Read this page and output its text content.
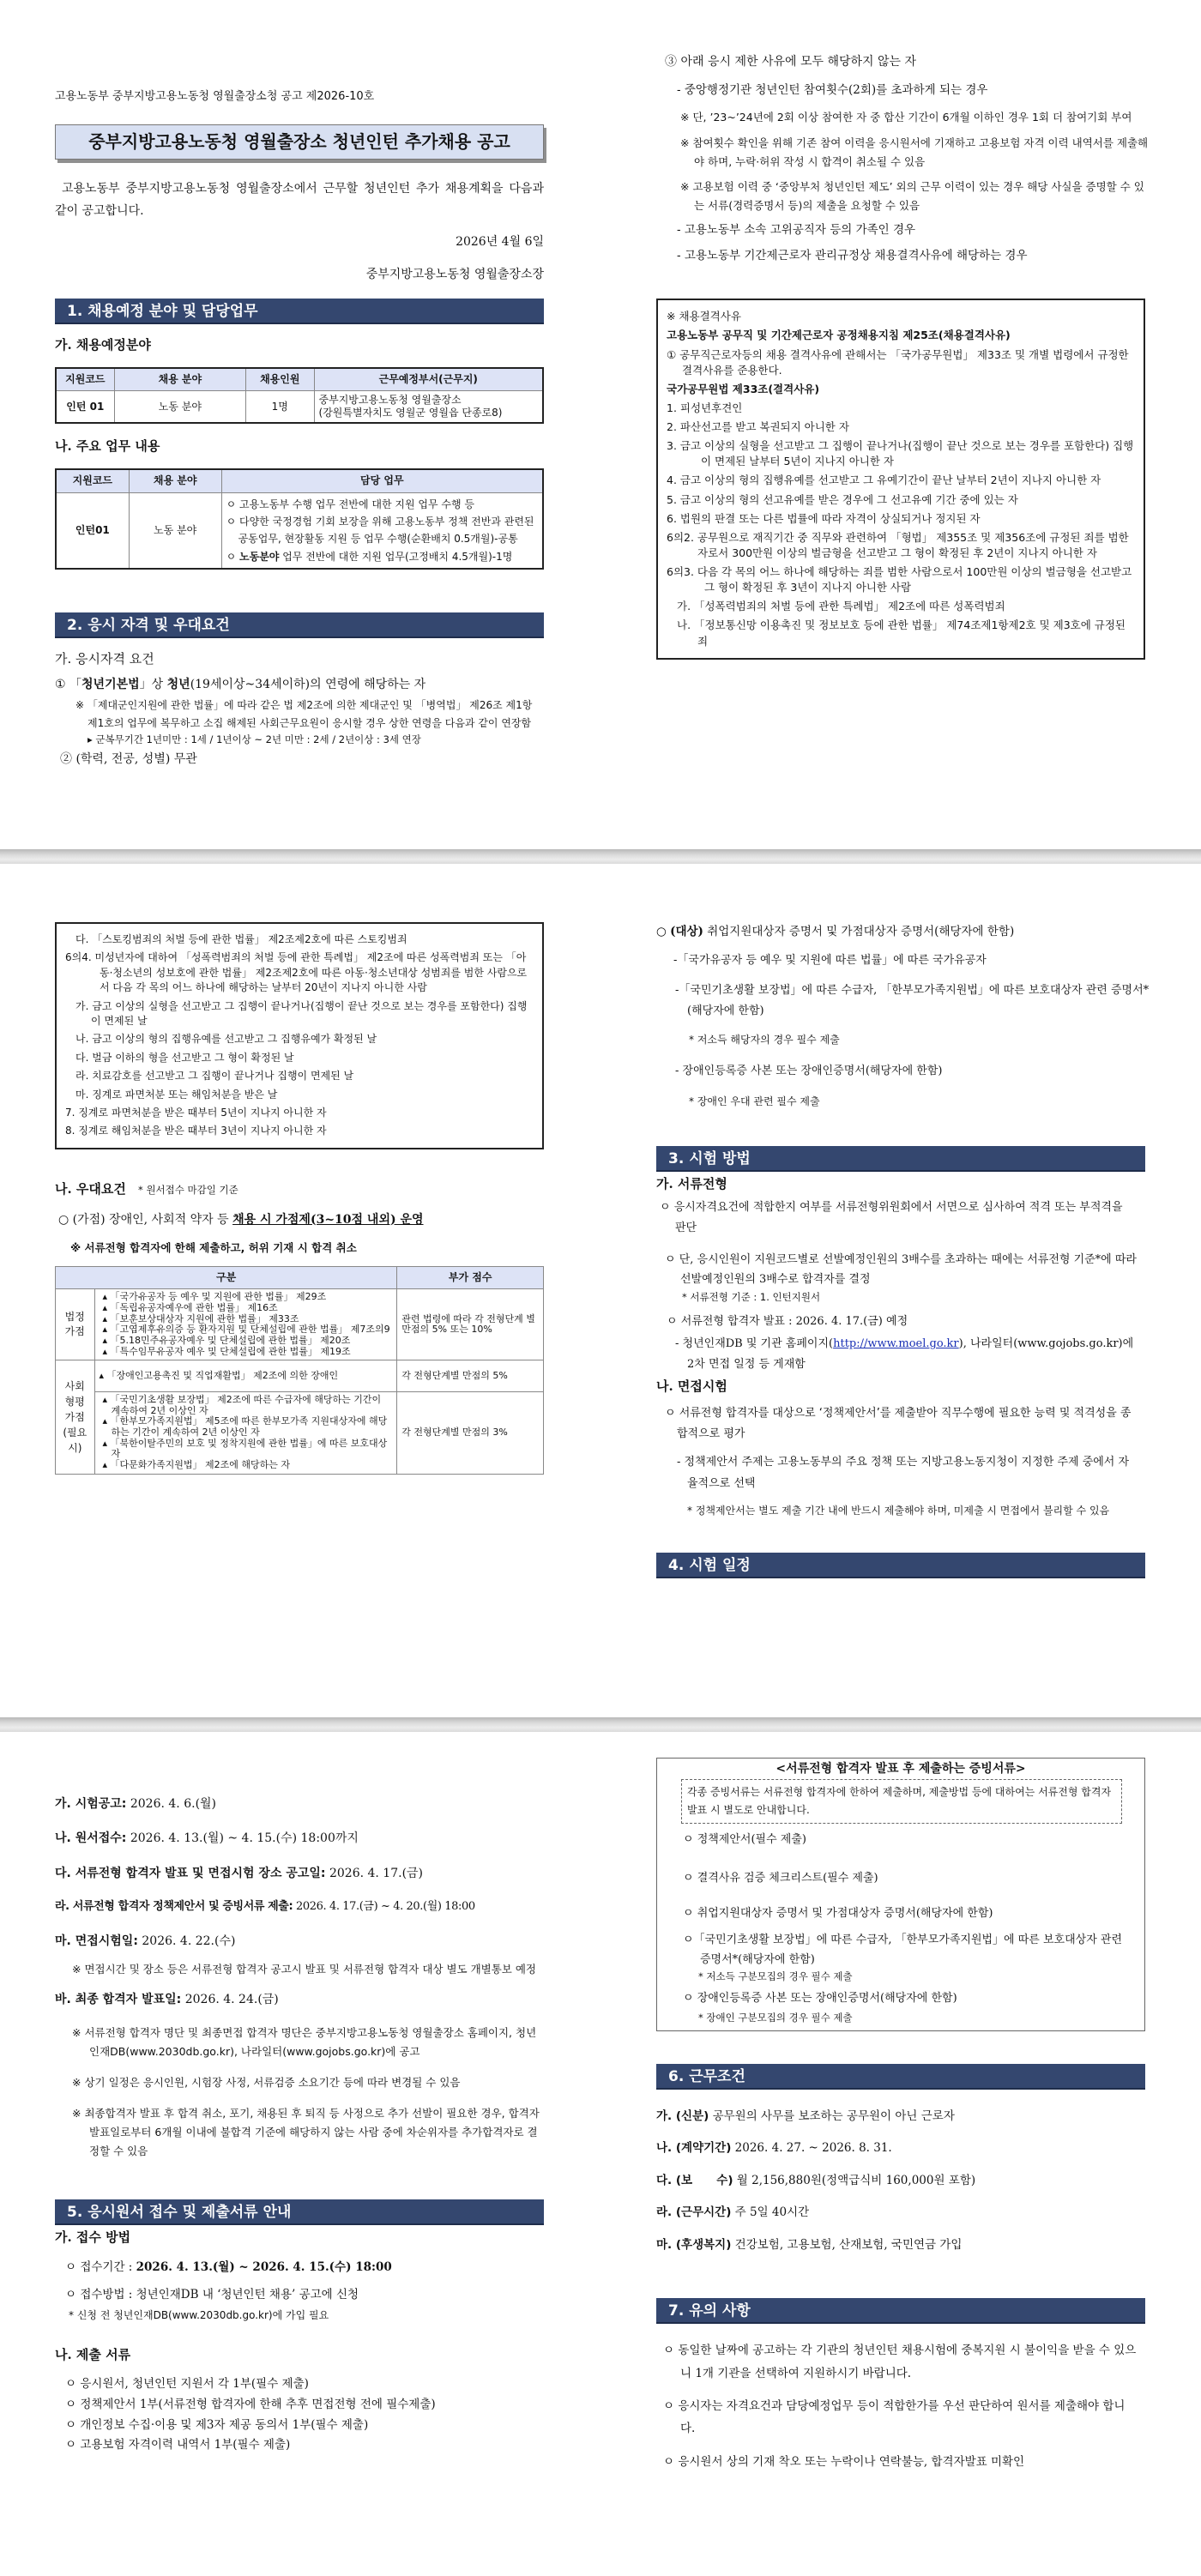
고용노동부 중부지방고용노동청 영월출장소청 공고 제2026-10호
중부지방고용노동청 영월출장소 청년인턴 추가채용 공고
고용노동부 중부지방고용노동청 영월출장소에서 근무할 청년인턴 추가 채용계획을 다음과 같이 공고합니다.
2026년 4월 6일
중부지방고용노동청 영월출장소장
1. 채용예정 분야 및 담당업무
가. 채용예정분야
지원코드	채용 분야	채용인원	근무예정부서(근무지)
인턴 01	노동 분야	1명	중부지방고용노동청 영월출장소
(강원특별자치도 영월군 영월읍 단종로8)
나. 주요 업무 내용
지원코드	채용 분야	담당 업무
인턴01	노동 분야	ㅇ 고용노동부 수행 업무 전반에 대한 지원 업무 수행 등
ㅇ 다양한 국정경험 기회 보장을 위해 고용노동부 정책 전반과 관련된 공동업무, 현장활동 지원 등 업무 수행(순환배치 0.5개월)-공통
ㅇ 노동분야 업무 전반에 대한 지원 업무(고정배치 4.5개월)-1명
2. 응시 자격 및 우대요건
가. 응시자격 요건
① 「청년기본법」상 청년(19세이상~34세이하)의 연령에 해당하는 자
※ 「제대군인지원에 관한 법률」에 따라 같은 법 제2조에 의한 제대군인 및 「병역법」 제26조 제1항 제1호의 업무에 복무하고 소집 해제된 사회근무요원이 응시할 경우 상한 연령을 다음과 같이 연장함
▸ 군복무기간 1년미만 : 1세 / 1년이상 ~ 2년 미만 : 2세 / 2년이상 : 3세 연장
② (학력, 전공, 성별) 무관
③ 아래 응시 제한 사유에 모두 해당하지 않는 자
- 중앙행정기관 청년인턴 참여횟수(2회)를 초과하게 되는 경우
※ 단, ’23~’24년에 2회 이상 참여한 자 중 합산 기간이 6개월 이하인 경우 1회 더 참여기회 부여
※ 참여횟수 확인을 위해 기존 참여 이력을 응시원서에 기재하고 고용보험 자격 이력 내역서를 제출해야 하며, 누락·허위 작성 시 합격이 취소될 수 있음
※ 고용보험 이력 중 ‘중앙부처 청년인턴 제도’ 외의 근무 이력이 있는 경우 해당 사실을 증명할 수 있는 서류(경력증명서 등)의 제출을 요청할 수 있음
- 고용노동부 소속 고위공직자 등의 가족인 경우
- 고용노동부 기간제근로자 관리규정상 채용결격사유에 해당하는 경우

※ 채용결격사유

고용노동부 공무직 및 기간제근로자 공정채용지침 제25조(채용결격사유)

① 공무직근로자등의 채용 결격사유에 관해서는 「국가공무원법」 제33조 및 개별 법령에서 규정한 결격사유를 준용한다.

국가공무원법 제33조(결격사유)

1. 피성년후견인

2. 파산선고를 받고 복권되지 아니한 자

3. 금고 이상의 실형을 선고받고 그 집행이 끝나거나(집행이 끝난 것으로 보는 경우를 포함한다) 집행이 면제된 날부터 5년이 지나지 아니한 자

4. 금고 이상의 형의 집행유예를 선고받고 그 유예기간이 끝난 날부터 2년이 지나지 아니한 자

5. 금고 이상의 형의 선고유예를 받은 경우에 그 선고유예 기간 중에 있는 자

6. 법원의 판결 또는 다른 법률에 따라 자격이 상실되거나 정지된 자

6의2. 공무원으로 재직기간 중 직무와 관련하여 「형법」 제355조 및 제356조에 규정된 죄를 범한 자로서 300만원 이상의 벌금형을 선고받고 그 형이 확정된 후 2년이 지나지 아니한 자

6의3. 다음 각 목의 어느 하나에 해당하는 죄를 범한 사람으로서 100만원 이상의 벌금형을 선고받고 그 형이 확정된 후 3년이 지나지 아니한 사람

가. 「성폭력범죄의 처벌 등에 관한 특례법」 제2조에 따른 성폭력범죄

나. 「정보통신망 이용촉진 및 정보보호 등에 관한 법률」 제74조제1항제2호 및 제3호에 규정된 죄

다. 「스토킹범죄의 처벌 등에 관한 법률」 제2조제2호에 따른 스토킹범죄

6의4. 미성년자에 대하여 「성폭력범죄의 처벌 등에 관한 특례법」 제2조에 따른 성폭력범죄 또는 「아동·청소년의 성보호에 관한 법률」 제2조제2호에 따른 아동·청소년대상 성범죄를 범한 사람으로서 다음 각 목의 어느 하나에 해당하는 날부터 20년이 지나지 아니한 사람

가. 금고 이상의 실형을 선고받고 그 집행이 끝나거나(집행이 끝난 것으로 보는 경우를 포함한다) 집행이 면제된 날

나. 금고 이상의 형의 집행유예를 선고받고 그 집행유예가 확정된 날

다. 벌금 이하의 형을 선고받고 그 형이 확정된 날

라. 치료감호를 선고받고 그 집행이 끝나거나 집행이 면제된 날

마. 징계로 파면처분 또는 해임처분을 받은 날

7. 징계로 파면처분을 받은 때부터 5년이 지나지 아니한 자

8. 징계로 해임처분을 받은 때부터 3년이 지나지 아니한 자

나. 우대요건 * 원서접수 마감일 기준
○ (가점) 장애인, 사회적 약자 등 채용 시 가점제(3~10점 내외) 운영
※ 서류전형 합격자에 한해 제출하고, 허위 기재 시 합격 취소
구분		부가 점수
법정 가점	
▴ 「국가유공자 등 예우 및 지원에 관한 법률」 제29조
▴ 「독립유공자예우에 관한 법률」 제16조
▴ 「보훈보상대상자 지원에 관한 법률」 제33조
▴ 「고엽제후유의증 등 환자지원 및 단체설립에 관한 법률」 제7조의9
▴ 「5.18민주유공자예우 및 단체설립에 관한 법률」 제20조
▴ 「특수임무유공자 예우 및 단체설립에 관한 법률」 제19조
	관련 법령에 따라 각 전형단계 별 만점의 5% 또는 10%
사회 형평 가점 (필요시)	▴ 「장애인고용촉진 및 직업재활법」 제2조에 의한 장애인	각 전형단계별 만점의 5%

▴ 「국민기초생활 보장법」 제2조에 따른 수급자에 해당하는 기간이 계속하여 2년 이상인 자
▴ 「한부모가족지원법」 제5조에 따른 한부모가족 지원대상자에 해당하는 기간이 계속하여 2년 이상인 자
▴ 「북한이탈주민의 보호 및 정착지원에 관한 법률」에 따른 보호대상자
▴ 「다문화가족지원법」 제2조에 해당하는 자
	각 전형단계별 만점의 3%
○ (대상) 취업지원대상자 증명서 및 가점대상자 증명서(해당자에 한함)
-「국가유공자 등 예우 및 지원에 따른 법률」에 따른 국가유공자
-「국민기초생활 보장법」에 따른 수급자, 「한부모가족지원법」에 따른 보호대상자 관련 증명서*(해당자에 한함)
* 저소득 해당자의 경우 필수 제출
- 장애인등록증 사본 또는 장애인증명서(해당자에 한함)
* 장애인 우대 관련 필수 제출
3. 시험 방법
가. 서류전형
ㅇ 응시자격요건에 적합한지 여부를 서류전형위원회에서 서면으로 심사하여 적격 또는 부적격을 판단
ㅇ 단, 응시인원이 지원코드별로 선발예정인원의 3배수를 초과하는 때에는 서류전형 기준*에 따라 선발예정인원의 3배수로 합격자를 결정
* 서류전형 기준 : 1. 인턴지원서
ㅇ 서류전형 합격자 발표 : 2026. 4. 17.(금) 예정
- 청년인재DB 및 기관 홈페이지(http://www.moel.go.kr), 나라일터(www.gojobs.go.kr)에 2차 면접 일정 등 게재함
나. 면접시험
ㅇ 서류전형 합격자를 대상으로 ‘정책제안서’를 제출받아 직무수행에 필요한 능력 및 적격성을 종합적으로 평가
- 정책제안서 주제는 고용노동부의 주요 정책 또는 지방고용노동지청이 지정한 주제 중에서 자율적으로 선택
* 정책제안서는 별도 제출 기간 내에 반드시 제출해야 하며, 미제출 시 면접에서 불리할 수 있음
4. 시험 일정
가. 시험공고: 2026. 4. 6.(월)
나. 원서접수: 2026. 4. 13.(월) ~ 4. 15.(수) 18:00까지
다. 서류전형 합격자 발표 및 면접시험 장소 공고일: 2026. 4. 17.(금)
라. 서류전형 합격자 정책제안서 및 증빙서류 제출: 2026. 4. 17.(금) ~ 4. 20.(월) 18:00
마. 면접시험일: 2026. 4. 22.(수)
※ 면접시간 및 장소 등은 서류전형 합격자 공고시 발표 및 서류전형 합격자 대상 별도 개별통보 예정
바. 최종 합격자 발표일: 2026. 4. 24.(금)
※ 서류전형 합격자 명단 및 최종면접 합격자 명단은 중부지방고용노동청 영월출장소 홈페이지, 청년인재DB(www.2030db.go.kr), 나라일터(www.gojobs.go.kr)에 공고
※ 상기 일정은 응시인원, 시험장 사정, 서류검증 소요기간 등에 따라 변경될 수 있음
※ 최종합격자 발표 후 합격 취소, 포기, 채용된 후 퇴직 등 사정으로 추가 선발이 필요한 경우, 합격자 발표일로부터 6개월 이내에 불합격 기준에 해당하지 않는 사람 중에 차순위자를 추가합격자로 결정할 수 있음
5. 응시원서 접수 및 제출서류 안내
가. 접수 방법
ㅇ 접수기간 : 2026. 4. 13.(월) ~ 2026. 4. 15.(수) 18:00
ㅇ 접수방법 : 청년인재DB 내 ‘청년인턴 채용’ 공고에 신청
* 신청 전 청년인재DB(www.2030db.go.kr)에 가입 필요
나. 제출 서류
ㅇ 응시원서, 청년인턴 지원서 각 1부(필수 제출)
ㅇ 정책제안서 1부(서류전형 합격자에 한해 추후 면접전형 전에 필수제출)
ㅇ 개인정보 수집·이용 및 제3자 제공 동의서 1부(필수 제출)
ㅇ 고용보험 자격이력 내역서 1부(필수 제출)
<서류전형 합격자 발표 후 제출하는 증빙서류>
각종 증빙서류는 서류전형 합격자에 한하여 제출하며, 제출방법 등에 대하여는 서류전형 합격자 발표 시 별도로 안내합니다.
ㅇ 정책제안서(필수 제출)
ㅇ 결격사유 검증 체크리스트(필수 제출)
ㅇ 취업지원대상자 증명서 및 가점대상자 증명서(해당자에 한함)
ㅇ「국민기초생활 보장법」에 따른 수급자, 「한부모가족지원법」에 따른 보호대상자 관련 증명서*(해당자에 한함)
* 저소득 구분모집의 경우 필수 제출
ㅇ 장애인등록증 사본 또는 장애인증명서(해당자에 한함)
* 장애인 구분모집의 경우 필수 제출
6. 근무조건
가. (신분) 공무원의 사무를 보조하는 공무원이 아닌 근로자
나. (계약기간) 2026. 4. 27. ~ 2026. 8. 31.
다. (보      수) 월 2,156,880원(정액급식비 160,000원 포함)
라. (근무시간) 주 5일 40시간
마. (후생복지) 건강보험, 고용보험, 산재보험, 국민연금 가입
7. 유의 사항
ㅇ 동일한 날짜에 공고하는 각 기관의 청년인턴 채용시험에 중복지원 시 불이익을 받을 수 있으니 1개 기관을 선택하여 지원하시기 바랍니다.
ㅇ 응시자는 자격요건과 담당예정업무 등이 적합한가를 우선 판단하여 원서를 제출해야 합니다.
ㅇ 응시원서 상의 기재 착오 또는 누락이나 연락불능, 합격자발표 미확인
